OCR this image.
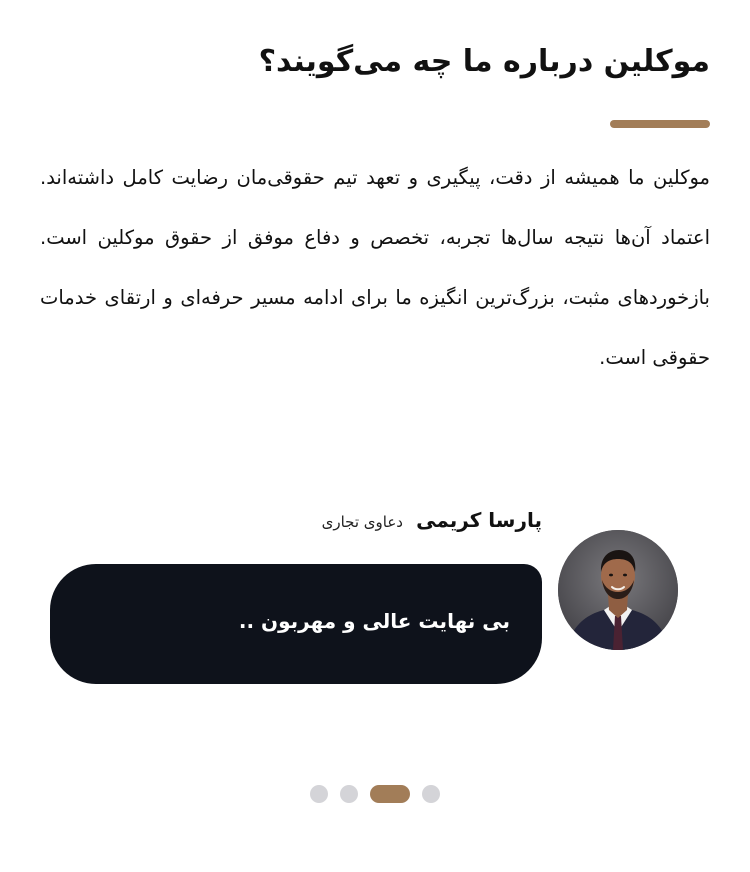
موکلین درباره ما چه می‌گویند؟

موکلین ما همیشه از دقت، پیگیری و تعهد تیم حقوقی‌مان رضایت کامل داشته‌اند. اعتماد آن‌ها نتیجه سال‌ها تجربه، تخصص و دفاع موفق از حقوق موکلین است. بازخوردهای مثبت، بزرگ‌ترین انگیزه ما برای ادامه مسیر حرفه‌ای و ارتقای خدمات حقوقی است.

پارسا کریمی
دعاوی تجاری
بی نهایت عالی و مهربون ..
